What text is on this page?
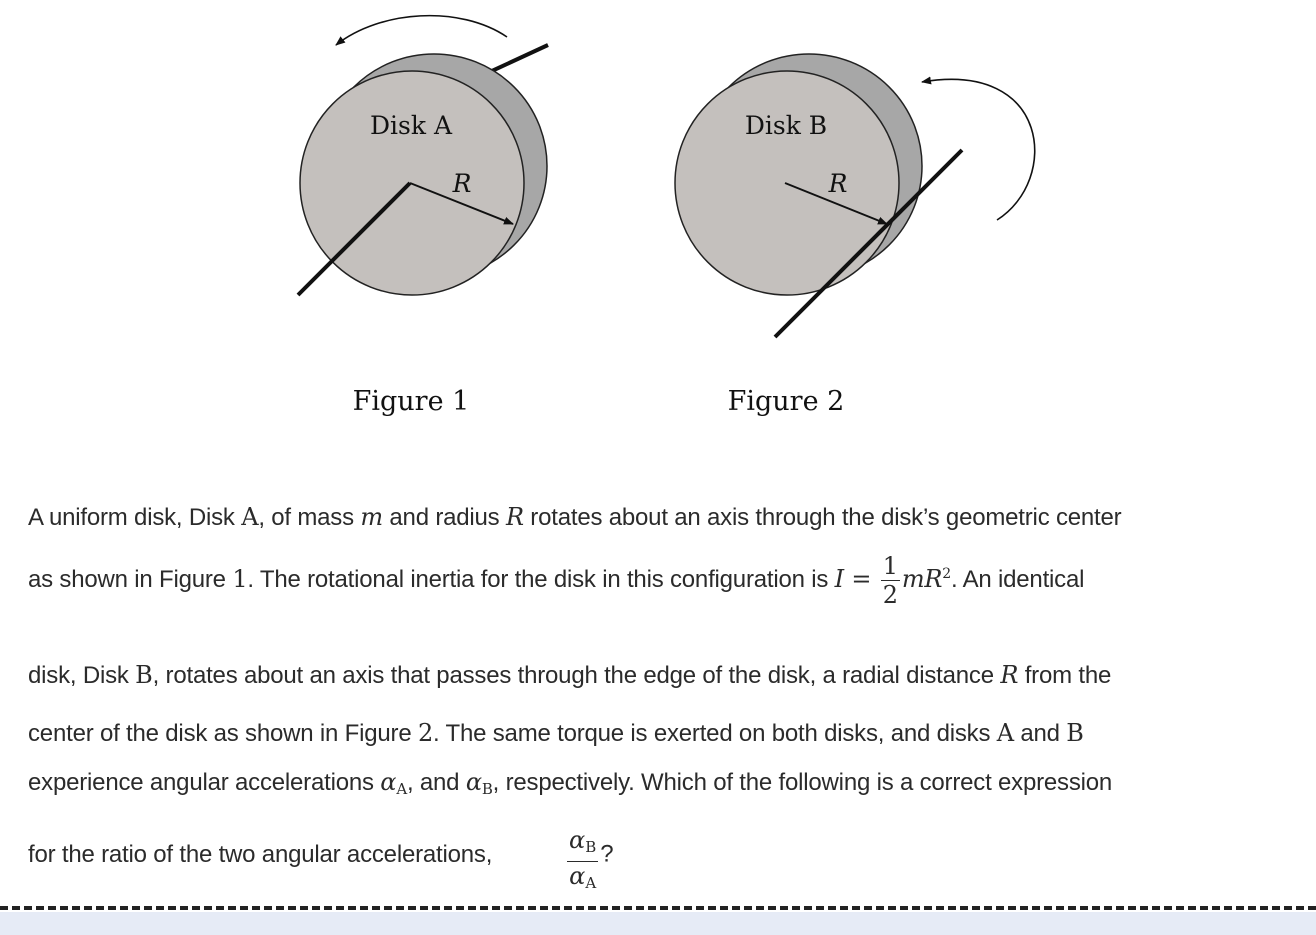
Disk A
R
Figure 1
Disk B
R
Figure 2
A uniform disk, Disk A, of mass m and radius R rotates about an axis through the disk’s geometric center
as shown in Figure 1. The rotational inertia for the disk in this configuration is $I = \frac{1}{2} mR^2$. An identical
disk, Disk B, rotates about an axis that passes through the edge of the disk, a radial distance R from the
center of the disk as shown in Figure 2. The same torque is exerted on both disks, and disks A and B
experience angular accelerations $\alpha_A$, and $\alpha_B$, respectively. Which of the following is a correct expression
for the ratio of the two angular accelerations,	$\frac{\alpha_B}{\alpha_A}$ ?
